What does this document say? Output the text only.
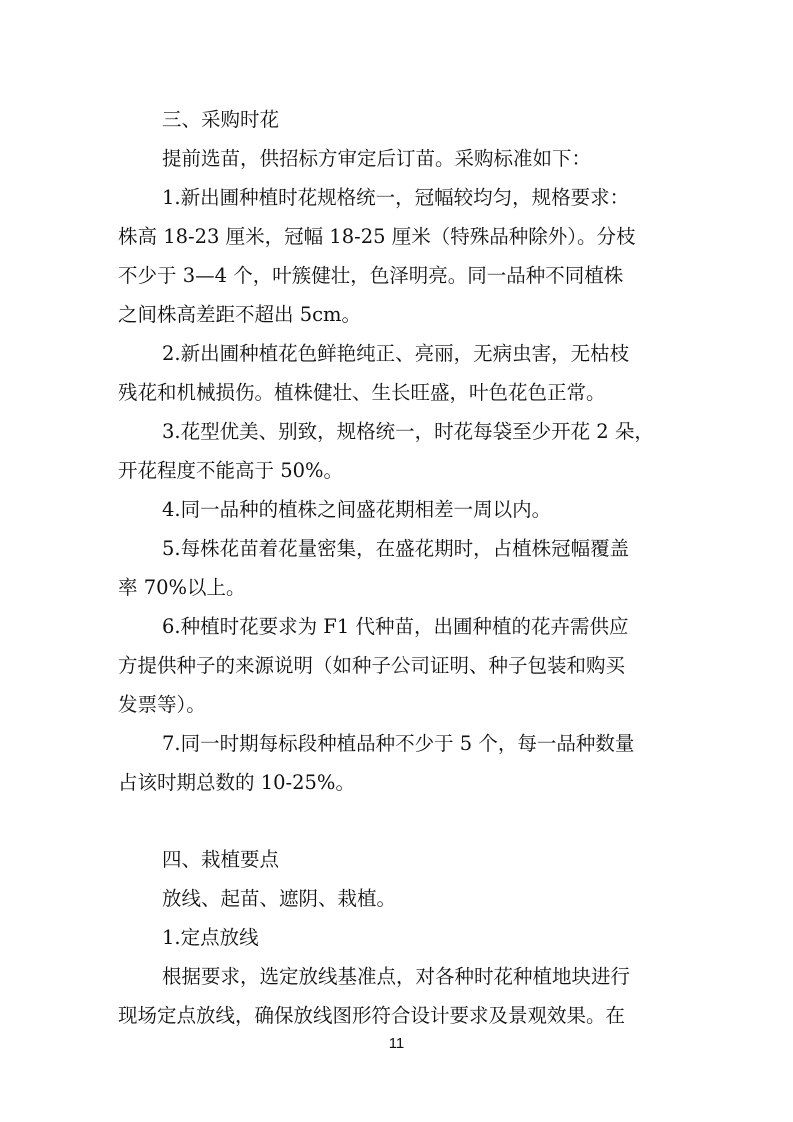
三、采购时花
提前选苗，供招标方审定后订苗。采购标准如下：
1.新出圃种植时花规格统一，冠幅较均匀，规格要求：
株高 18-23 厘米，冠幅 18-25 厘米（特殊品种除外）。分枝
不少于 3—4 个，叶簇健壮，色泽明亮。同一品种不同植株
之间株高差距不超出 5cm。
2.新出圃种植花色鲜艳纯正、亮丽，无病虫害，无枯枝
残花和机械损伤。植株健壮、生长旺盛，叶色花色正常。
3.花型优美、别致，规格统一，时花每袋至少开花 2 朵，
开花程度不能高于 50%。
4.同一品种的植株之间盛花期相差一周以内。
5.每株花苗着花量密集，在盛花期时，占植株冠幅覆盖
率 70%以上。
6.种植时花要求为 F1 代种苗，出圃种植的花卉需供应
方提供种子的来源说明（如种子公司证明、种子包装和购买
发票等）。
7.同一时期每标段种植品种不少于 5 个，每一品种数量
占该时期总数的 10-25%。
四、栽植要点
放线、起苗、遮阴、栽植。
1.定点放线
根据要求，选定放线基准点，对各种时花种植地块进行
现场定点放线，确保放线图形符合设计要求及景观效果。在
11
